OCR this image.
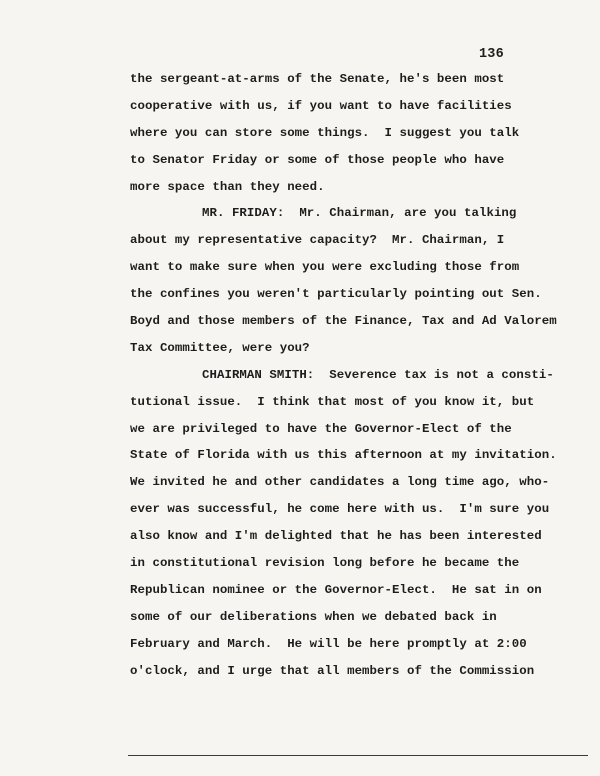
136
the sergeant-at-arms of the Senate, he's been most
cooperative with us, if you want to have facilities
where you can store some things.  I suggest you talk
to Senator Friday or some of those people who have
more space than they need.
MR. FRIDAY:  Mr. Chairman, are you talking
about my representative capacity?  Mr. Chairman, I
want to make sure when you were excluding those from
the confines you weren't particularly pointing out Sen.
Boyd and those members of the Finance, Tax and Ad Valorem
Tax Committee, were you?
CHAIRMAN SMITH:  Severence tax is not a consti-
tutional issue.  I think that most of you know it, but
we are privileged to have the Governor-Elect of the
State of Florida with us this afternoon at my invitation.
We invited he and other candidates a long time ago, who-
ever was successful, he come here with us.  I'm sure you
also know and I'm delighted that he has been interested
in constitutional revision long before he became the
Republican nominee or the Governor-Elect.  He sat in on
some of our deliberations when we debated back in
February and March.  He will be here promptly at 2:00
o'clock, and I urge that all members of the Commission
